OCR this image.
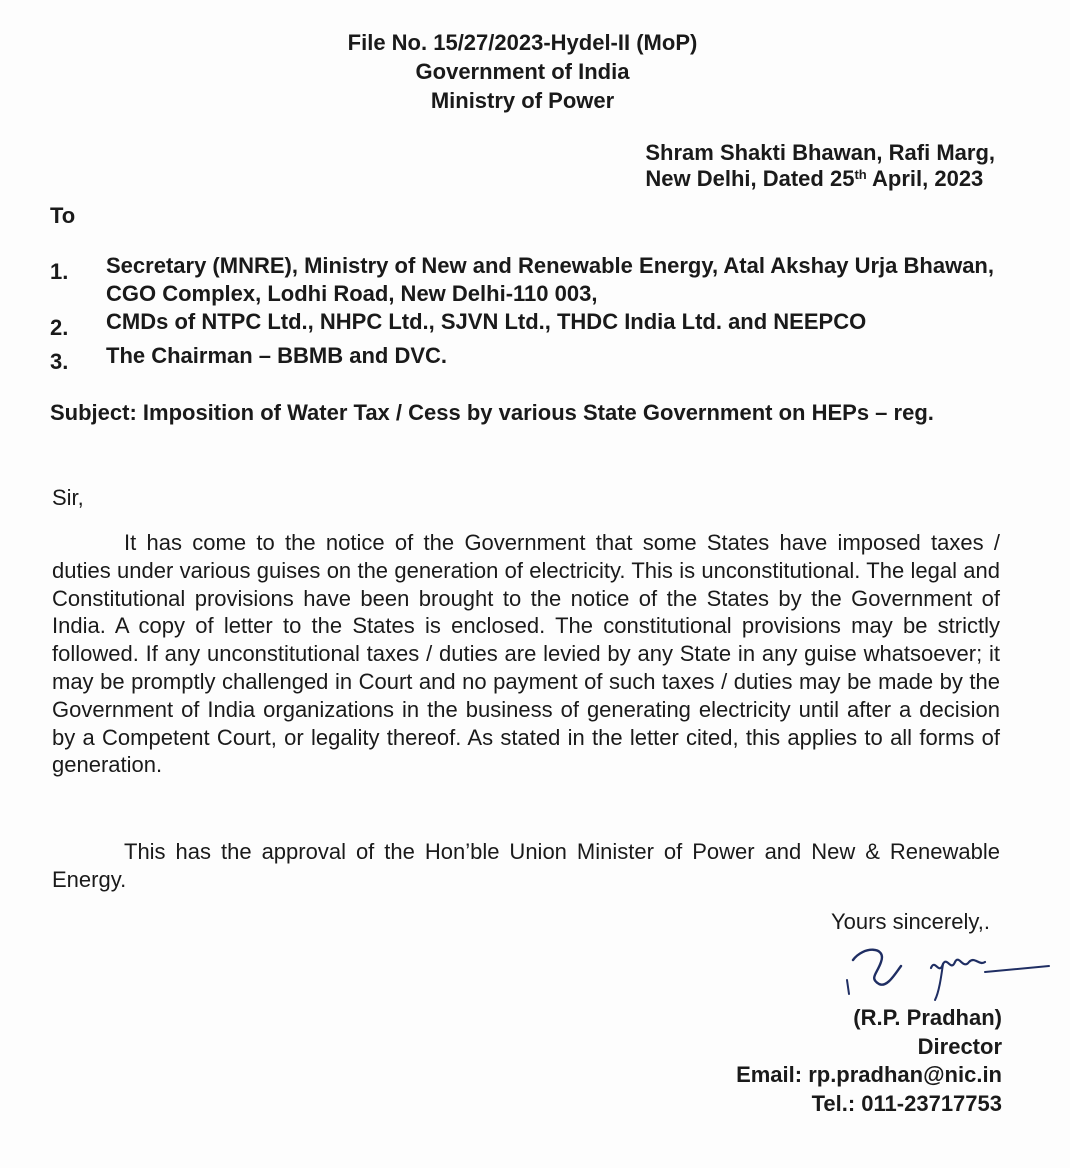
File No. 15/27/2023-Hydel-II (MoP)
Government of India
Ministry of Power
Shram Shakti Bhawan, Rafi Marg,
New Delhi, Dated 25th April, 2023
To
1.	Secretary (MNRE), Ministry of New and Renewable Energy, Atal Akshay Urja Bhawan, CGO Complex, Lodhi Road, New Delhi-110 003,
2.	CMDs of NTPC Ltd., NHPC Ltd., SJVN Ltd., THDC India Ltd. and NEEPCO
3.	The Chairman – BBMB and DVC.
Subject: Imposition of Water Tax / Cess by various State Government on HEPs – reg.
Sir,
It has come to the notice of the Government that some States have imposed taxes / duties under various guises on the generation of electricity. This is unconstitutional. The legal and Constitutional provisions have been brought to the notice of the States by the Government of India. A copy of letter to the States is enclosed. The constitutional provisions may be strictly followed. If any unconstitutional taxes / duties are levied by any State in any guise whatsoever; it may be promptly challenged in Court and no payment of such taxes / duties may be made by the Government of India organizations in the business of generating electricity until after a decision by a Competent Court, or legality thereof. As stated in the letter cited, this applies to all forms of generation.
This has the approval of the Hon’ble Union Minister of Power and New & Renewable Energy.
Yours sincerely,.
(R.P. Pradhan)
Director
Email: rp.pradhan@nic.in
Tel.: 011-23717753
